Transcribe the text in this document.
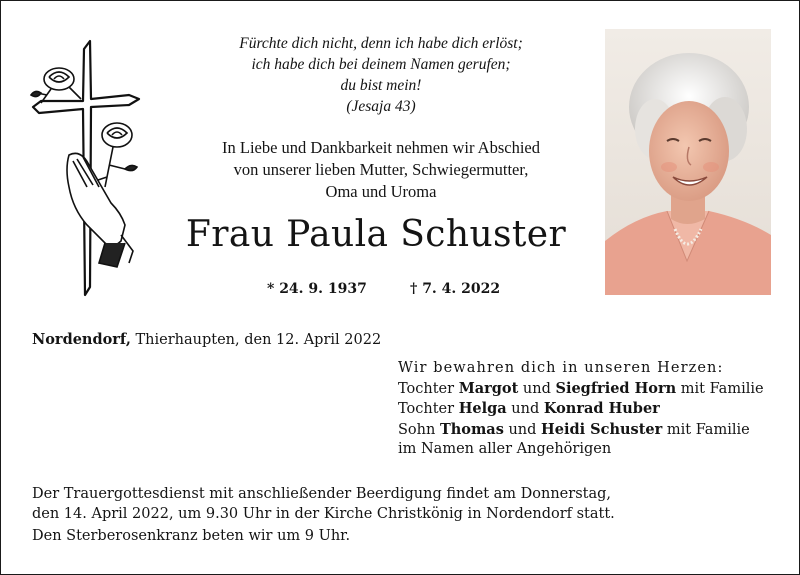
Fürchte dich nicht, denn ich habe dich erlöst;
ich habe dich bei deinem Namen gerufen;
du bist mein!
(Jesaja 43)
In Liebe und Dankbarkeit nehmen wir Abschied
von unserer lieben Mutter, Schwiegermutter,
Oma und Uroma
Frau Paula Schuster
* 24. 9. 1937	† 7. 4. 2022
Nordendorf, Thierhaupten, den 12. April 2022
Wir bewahren dich in unseren Herzen:
Tochter Margot und Siegfried Horn mit Familie
Tochter Helga und Konrad Huber
Sohn Thomas und Heidi Schuster mit Familie
im Namen aller Angehörigen
Der Trauergottesdienst mit anschließender Beerdigung findet am Donnerstag,
den 14. April 2022, um 9.30 Uhr in der Kirche Christkönig in Nordendorf statt.
Den Sterberosenkranz beten wir um 9 Uhr.
